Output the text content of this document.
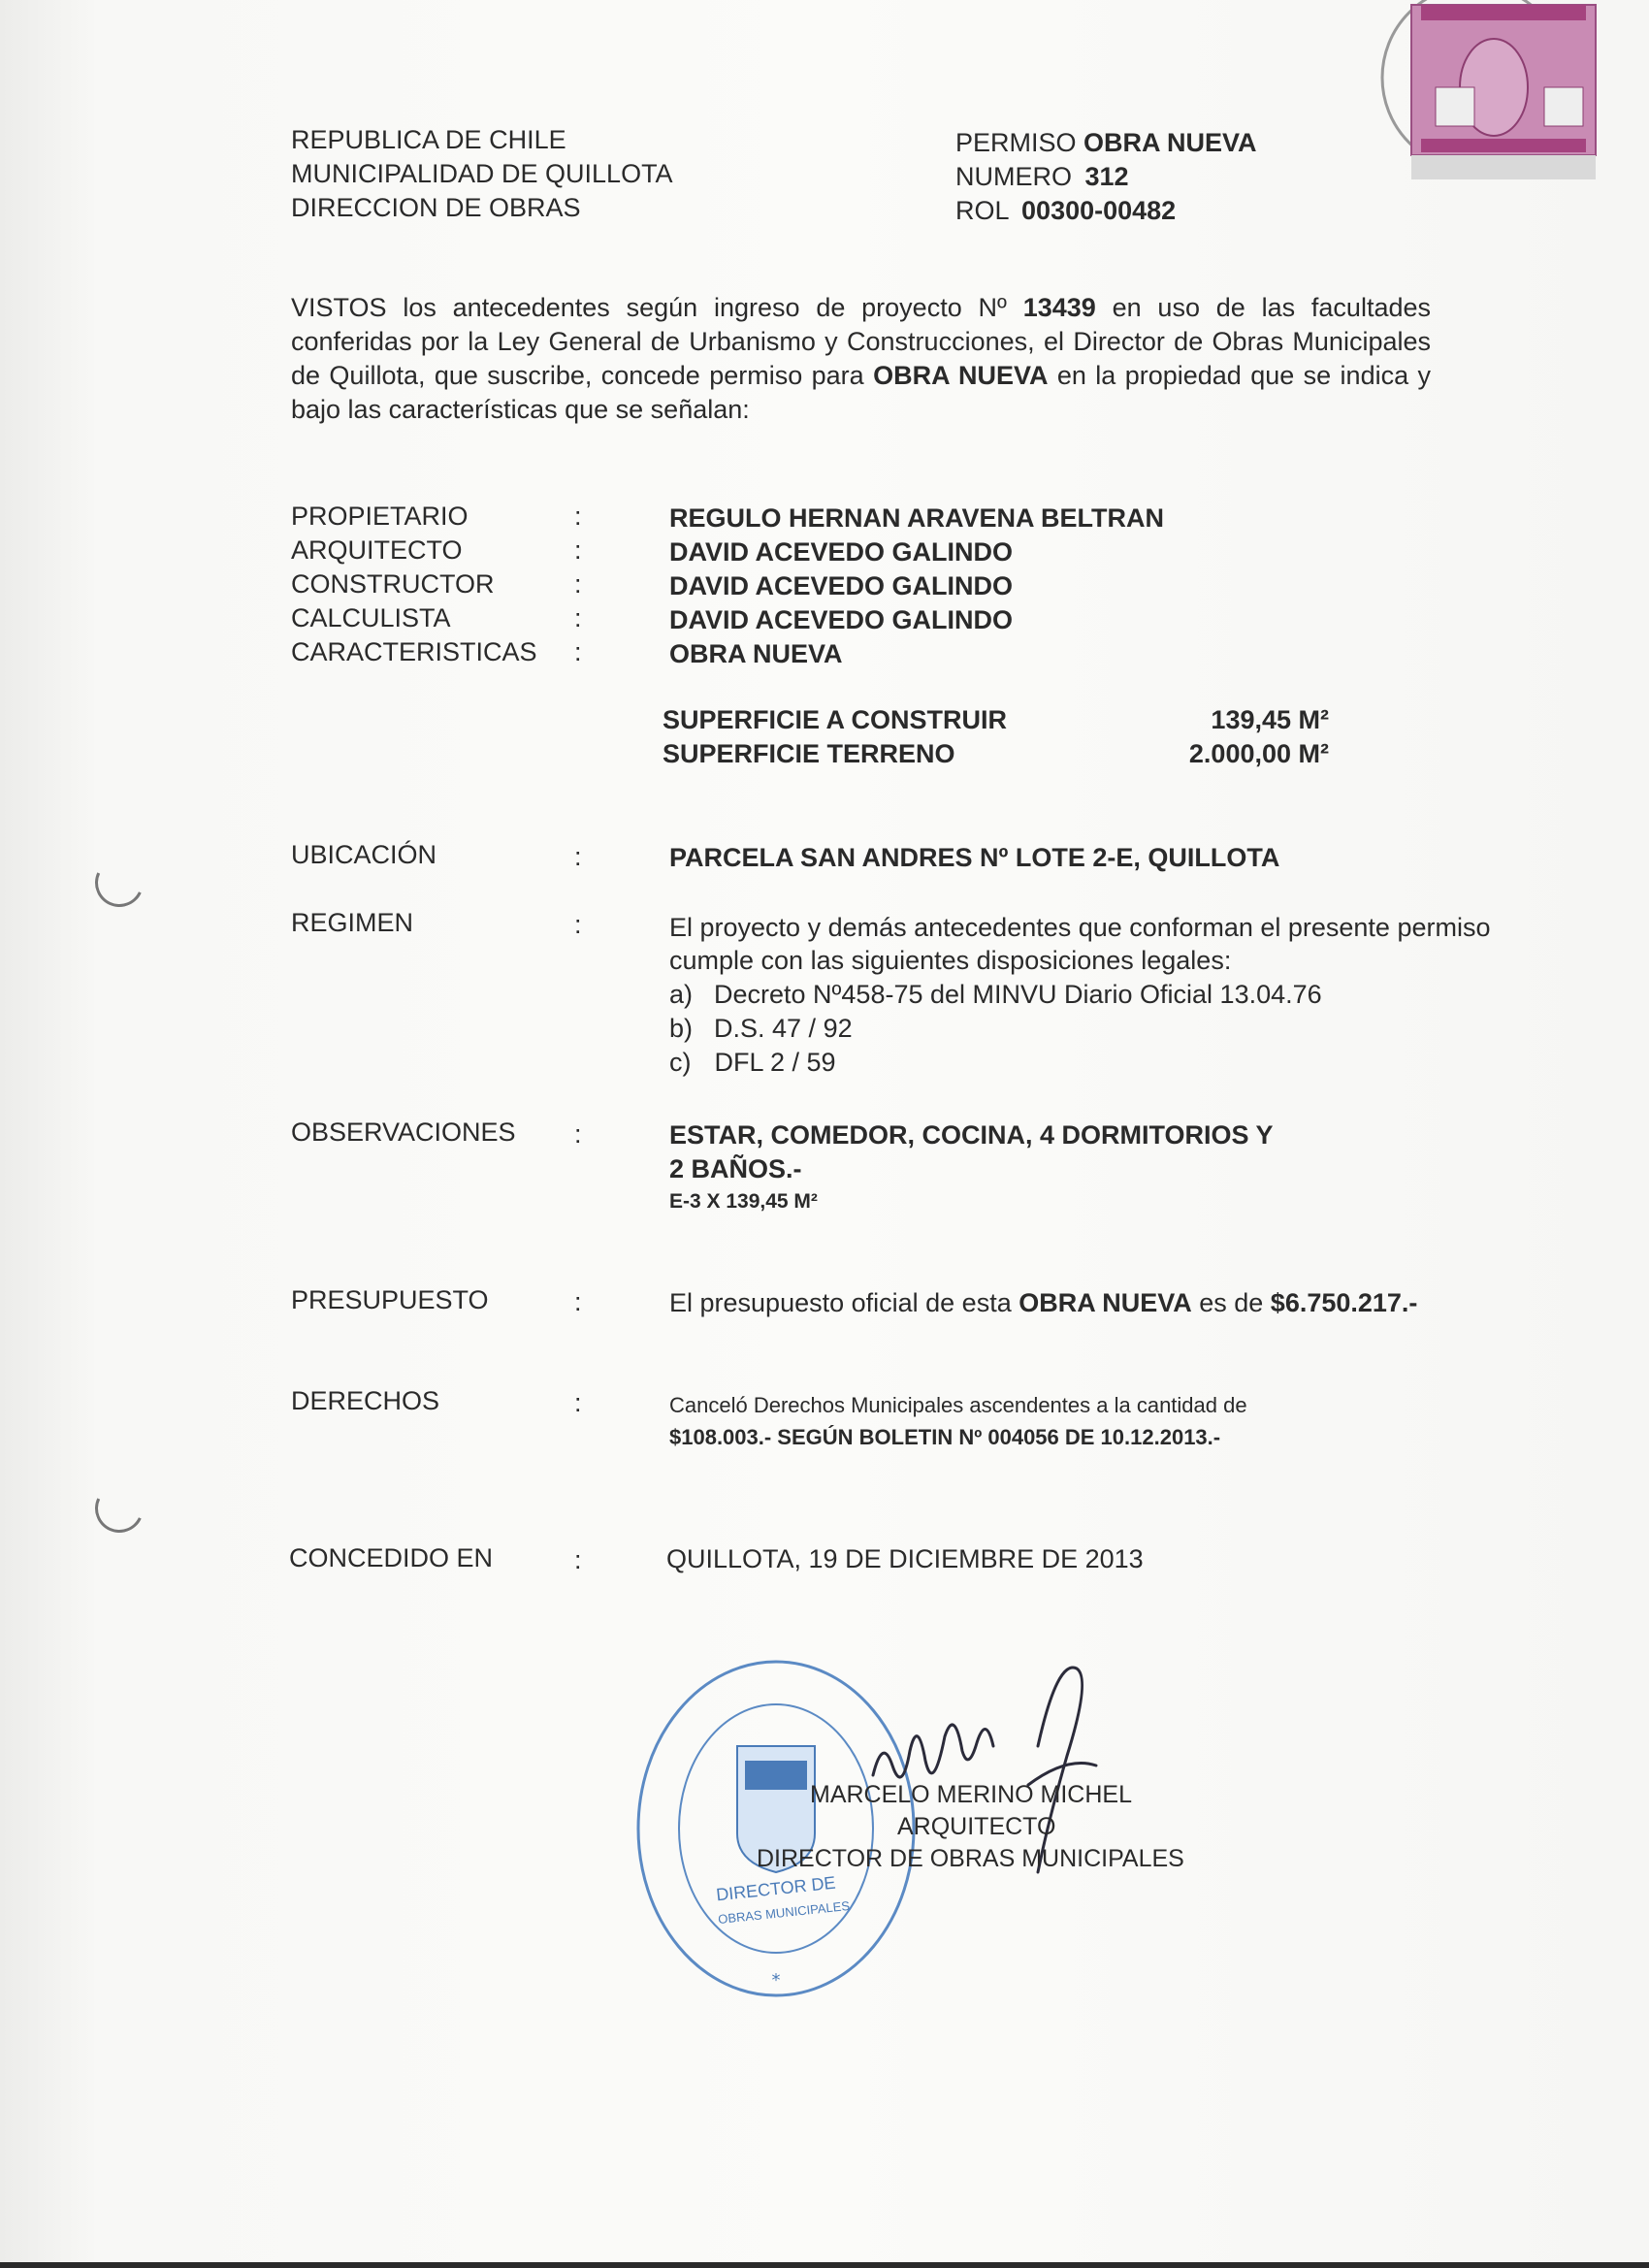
REPUBLICA DE CHILE
MUNICIPALIDAD DE QUILLOTA
DIRECCION DE OBRAS
PERMISO OBRA NUEVA
NUMERO 312
ROL 00300-00482
VISTOS los antecedentes según ingreso de proyecto Nº 13439 en uso de las facultades conferidas por la Ley General de Urbanismo y Construcciones, el Director de Obras Municipales de Quillota, que suscribe, concede permiso para OBRA NUEVA en la propiedad que se indica y bajo las características que se señalan:
PROPIETARIO	:	REGULO HERNAN ARAVENA BELTRAN
ARQUITECTO	:	DAVID ACEVEDO GALINDO
CONSTRUCTOR	:	DAVID ACEVEDO GALINDO
CALCULISTA	:	DAVID ACEVEDO GALINDO
CARACTERISTICAS :	OBRA NUEVA
SUPERFICIE A CONSTRUIR	139,45 M²
SUPERFICIE TERRENO	2.000,00 M²
UBICACIÓN	:	PARCELA SAN ANDRES Nº LOTE 2-E, QUILLOTA
REGIMEN	:	El proyecto y demás antecedentes que conforman el presente permiso
cumple con las siguientes disposiciones legales:
a) Decreto Nº458-75 del MINVU Diario Oficial 13.04.76
b) D.S. 47 / 92
c) DFL 2 / 59
OBSERVACIONES :	ESTAR, COMEDOR, COCINA, 4 DORMITORIOS Y
2 BAÑOS.-
E-3 X 139,45 M²
PRESUPUESTO	:	El presupuesto oficial de esta OBRA NUEVA es de $6.750.217.-
DERECHOS	:	Canceló Derechos Municipales ascendentes a la cantidad de
$108.003.- SEGÚN BOLETIN Nº 004056 DE 10.12.2013.-
CONCEDIDO EN	:	QUILLOTA, 19 DE DICIEMBRE DE 2013
*
DIRECTOR DE
OBRAS MUNICIPALES
MARCELO MERINO MICHEL
ARQUITECTO
DIRECTOR DE OBRAS MUNICIPALES
